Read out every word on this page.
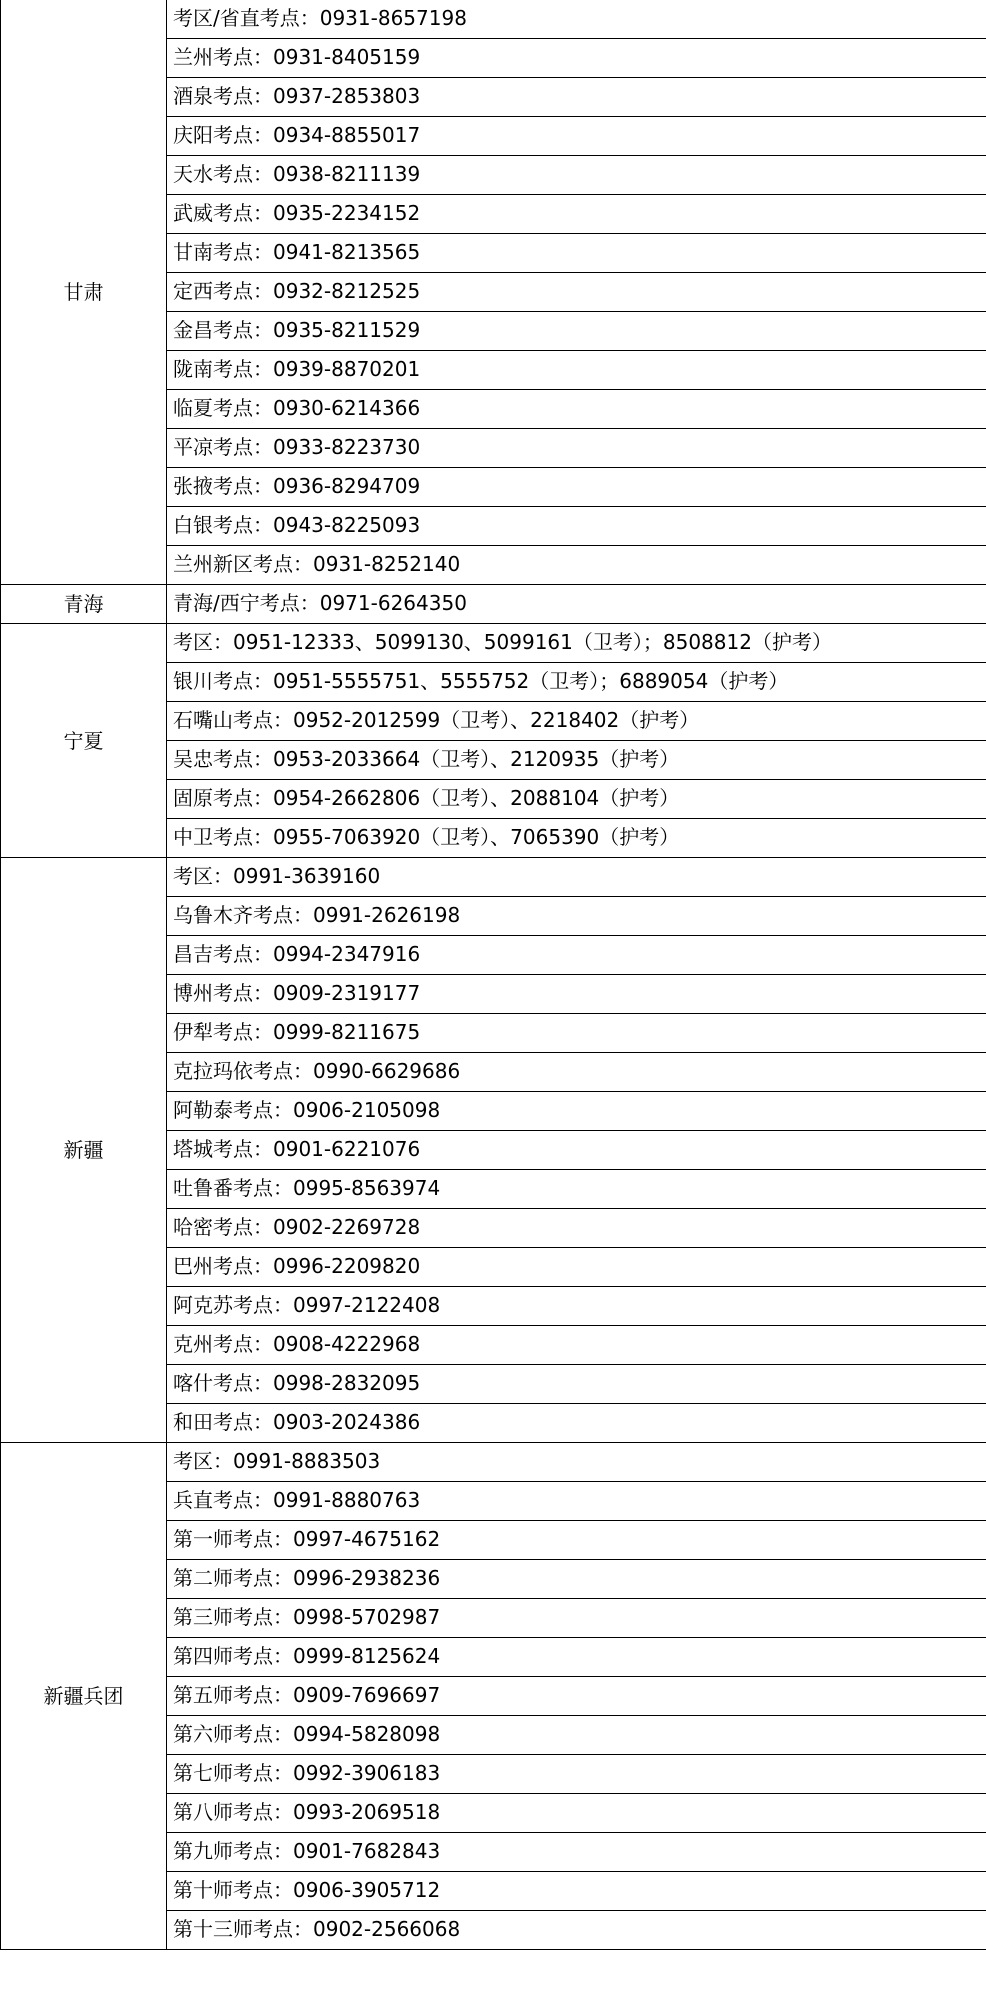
甘肃	考区/省直考点：0931-8657198
	兰州考点：0931-8405159
	酒泉考点：0937-2853803
	庆阳考点：0934-8855017
	天水考点：0938-8211139
	武威考点：0935-2234152
	甘南考点：0941-8213565
	定西考点：0932-8212525
	金昌考点：0935-8211529
	陇南考点：0939-8870201
	临夏考点：0930-6214366
	平凉考点：0933-8223730
	张掖考点：0936-8294709
	白银考点：0943-8225093
	兰州新区考点：0931-8252140
青海	青海/西宁考点：0971-6264350
宁夏	考区：0951-12333、5099130、5099161（卫考）；8508812（护考）
	银川考点：0951-5555751、5555752（卫考）；6889054（护考）
	石嘴山考点：0952-2012599（卫考）、2218402（护考）
	吴忠考点：0953-2033664（卫考）、2120935（护考）
	固原考点：0954-2662806（卫考）、2088104（护考）
	中卫考点：0955-7063920（卫考）、7065390（护考）
新疆	考区：0991-3639160
	乌鲁木齐考点：0991-2626198
	昌吉考点：0994-2347916
	博州考点：0909-2319177
	伊犁考点：0999-8211675
	克拉玛依考点：0990-6629686
	阿勒泰考点：0906-2105098
	塔城考点：0901-6221076
	吐鲁番考点：0995-8563974
	哈密考点：0902-2269728
	巴州考点：0996-2209820
	阿克苏考点：0997-2122408
	克州考点：0908-4222968
	喀什考点：0998-2832095
	和田考点：0903-2024386
新疆兵团	考区：0991-8883503
	兵直考点：0991-8880763
	第一师考点：0997-4675162
	第二师考点：0996-2938236
	第三师考点：0998-5702987
	第四师考点：0999-8125624
	第五师考点：0909-7696697
	第六师考点：0994-5828098
	第七师考点：0992-3906183
	第八师考点：0993-2069518
	第九师考点：0901-7682843
	第十师考点：0906-3905712
	第十三师考点：0902-2566068
